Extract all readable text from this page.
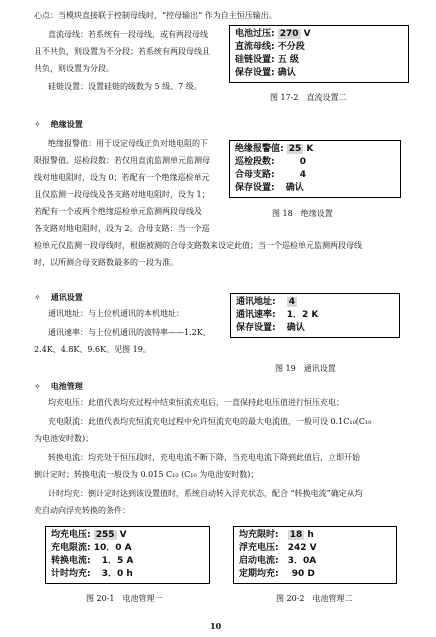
心点：当模块直接联于控制母线时，“控母输出” 作为自主恒压输出。
直流母线：若系统有一段母线，或有两段母线
且不共负，则设置为不分段；若系统有两段母线且
共负，则设置为分段。
硅链设置：设置硅链的级数为 5 级、7 级。
电池过压: 270 V
直流母线: 不分段
硅链设置: 五 级
保存设置: 确认
图 17-2　直流设置二
✧ 绝缘设置
绝缘报警值：用于设定母线正负对地电阻的下
限报警值。巡检段数：若仅用直流监测单元监测母
线对地电阻时，设为 0；若配有一个绝缘巡检单元
且仅监测一段母线及各支路对地电阻时，设为 1；
若配有一个或两个绝缘巡检单元监测两段母线及
各支路对地电阻时，设为 2。合母支路：当一个巡
检单元仅监测一段母线时，根据被测的合母支路数来设定此值；当一个巡检单元监测两段母线
时，以所测合母支路数最多的一段为准。
绝缘报警值: 25 K
巡检段数:	0
合母支路:	4
保存设置: 确认
图 18　绝缘设置
✧ 通讯设置
通讯地址：与上位机通讯的本机地址：
通讯速率：与上位机通讯的波特率——1.2K、
2.4K、4.8K、9.6K。见图 19。
通讯地址: 4
通讯速率: 1．2 K
保存设置: 确认
图 19　通讯设置
✧ 电池管理
均充电压：此值代表均充过程中结束恒流充电后，一直保持此电压值进行恒压充电；
充电限流：此值代表均充恒流充电过程中允许恒流充电的最大电流值，一般可设 0.1C₁₀(C₁₀
为电池安时数)；
转换电流：均充处于恒压段时，充电电流不断下降，当充电电流下降到此值后，立即开始
倒计定时；转换电流一般设为 0.015 C₁₀ (C₁₀ 为电池安时数)；
计时均充：倒计定时达到该设置值时，系统自动转入浮充状态，配合 “转换电流”确定从均
充自动向浮充转换的条件：
均充电压: 255 V
充电限流: 10．0 A
转换电流: 1．5 A
计时均充: 3．0 h
图 20-1　电池管理一
均充限时: 18 h
浮充电压: 242 V
启动电流: 3．0A
定期均充: 90 D
图 20-2　电池管理二
10
